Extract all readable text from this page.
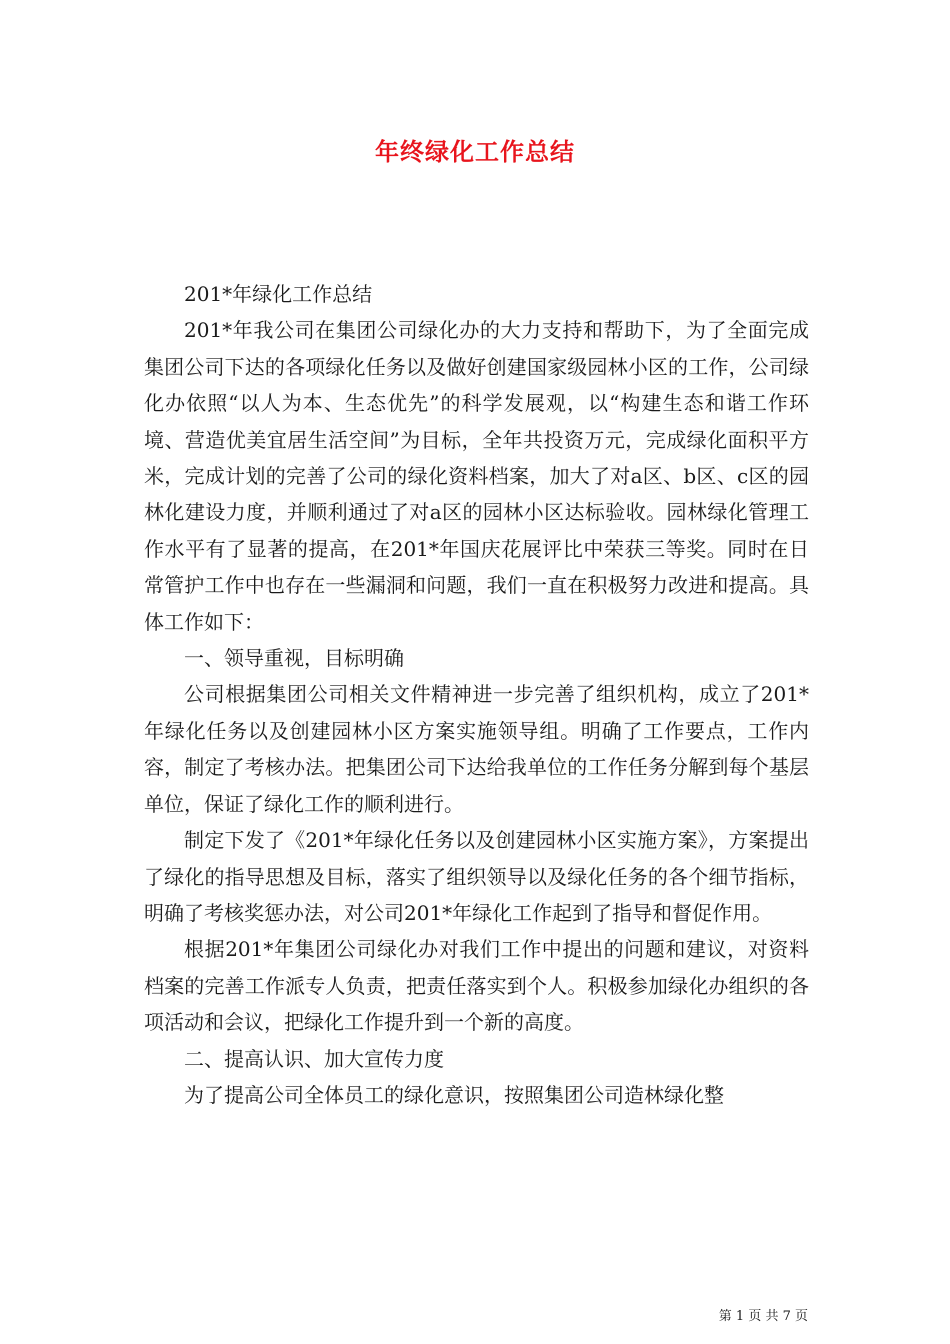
年终绿化工作总结

201*年绿化工作总结

201*年我公司在集团公司绿化办的大力支持和帮助下，为了全面完成集团公司下达的各项绿化任务以及做好创建国家级园林小区的工作，公司绿化办依照“以人为本、生态优先”的科学发展观，以“构建生态和谐工作环境、营造优美宜居生活空间”为目标，全年共投资万元，完成绿化面积平方米，完成计划的完善了公司的绿化资料档案，加大了对a区、b区、c区的园林化建设力度，并顺利通过了对a区的园林小区达标验收。园林绿化管理工作水平有了显著的提高，在201*年国庆花展评比中荣获三等奖。同时在日常管护工作中也存在一些漏洞和问题，我们一直在积极努力改进和提高。具体工作如下：

一、领导重视，目标明确

公司根据集团公司相关文件精神进一步完善了组织机构，成立了201*年绿化任务以及创建园林小区方案实施领导组。明确了工作要点，工作内容，制定了考核办法。把集团公司下达给我单位的工作任务分解到每个基层单位，保证了绿化工作的顺利进行。

制定下发了《201*年绿化任务以及创建园林小区实施方案》，方案提出了绿化的指导思想及目标，落实了组织领导以及绿化任务的各个细节指标，明确了考核奖惩办法，对公司201*年绿化工作起到了指导和督促作用。

根据201*年集团公司绿化办对我们工作中提出的问题和建议，对资料档案的完善工作派专人负责，把责任落实到个人。积极参加绿化办组织的各项活动和会议，把绿化工作提升到一个新的高度。

二、提高认识、加大宣传力度

为了提高公司全体员工的绿化意识，按照集团公司造林绿化整

第 1 页 共 7 页
